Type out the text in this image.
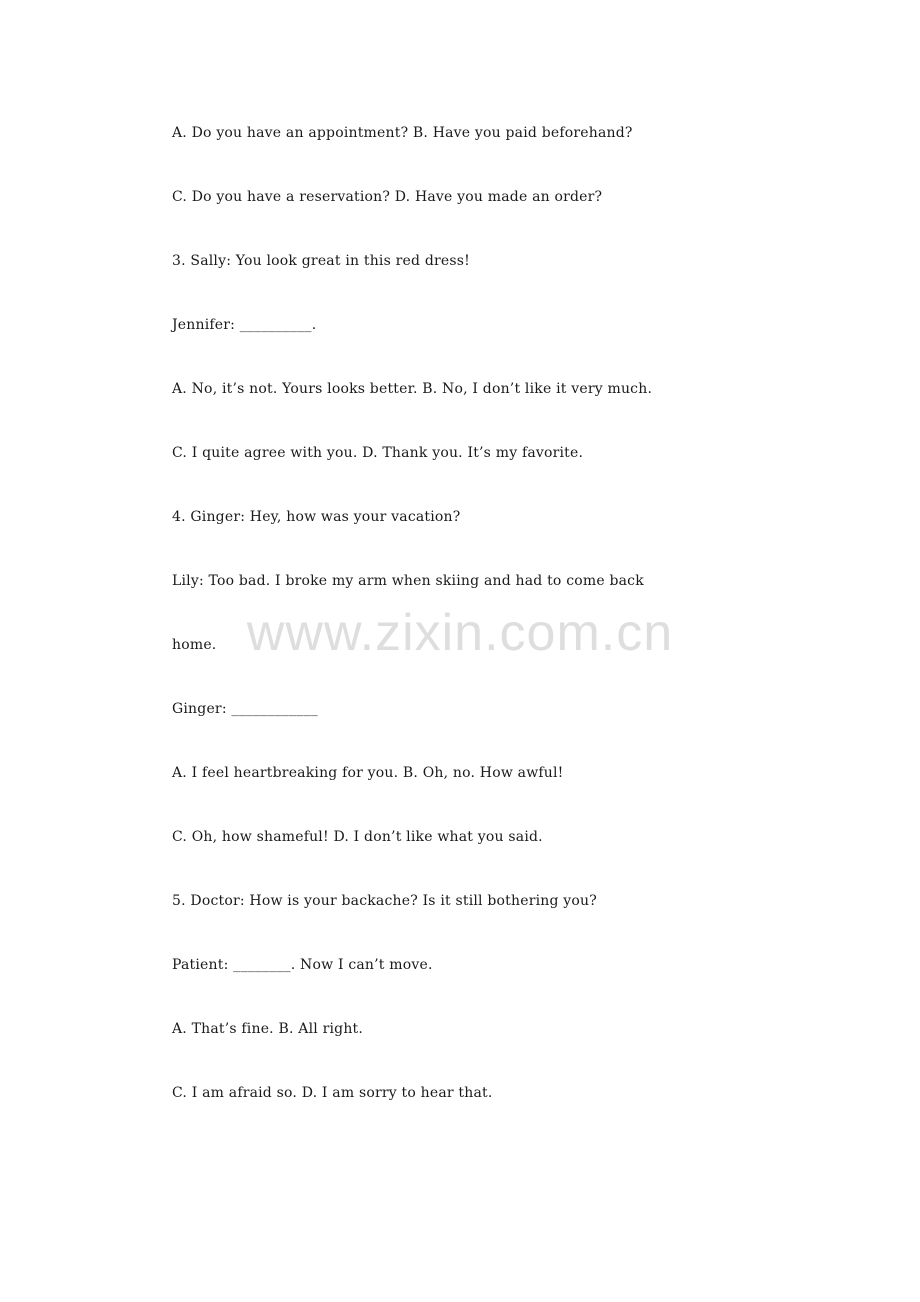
A. Do you have an appointment? B. Have you paid beforehand?

C. Do you have a reservation? D. Have you made an order?

3. Sally: You look great in this red dress!

Jennifer: __________.

A. No, it’s not. Yours looks better. B. No, I don’t like it very much.

C. I quite agree with you. D. Thank you. It’s my favorite.

4. Ginger: Hey, how was your vacation?

Lily: Too bad. I broke my arm when skiing and had to come back

home.

Ginger: ____________

A. I feel heartbreaking for you. B. Oh, no. How awful!

C. Oh, how shameful! D. I don’t like what you said.

5. Doctor: How is your backache? Is it still bothering you?

Patient: ________. Now I can’t move.

A. That’s fine. B. All right.

C. I am afraid so. D. I am sorry to hear that.

www.zixin.com.cn
